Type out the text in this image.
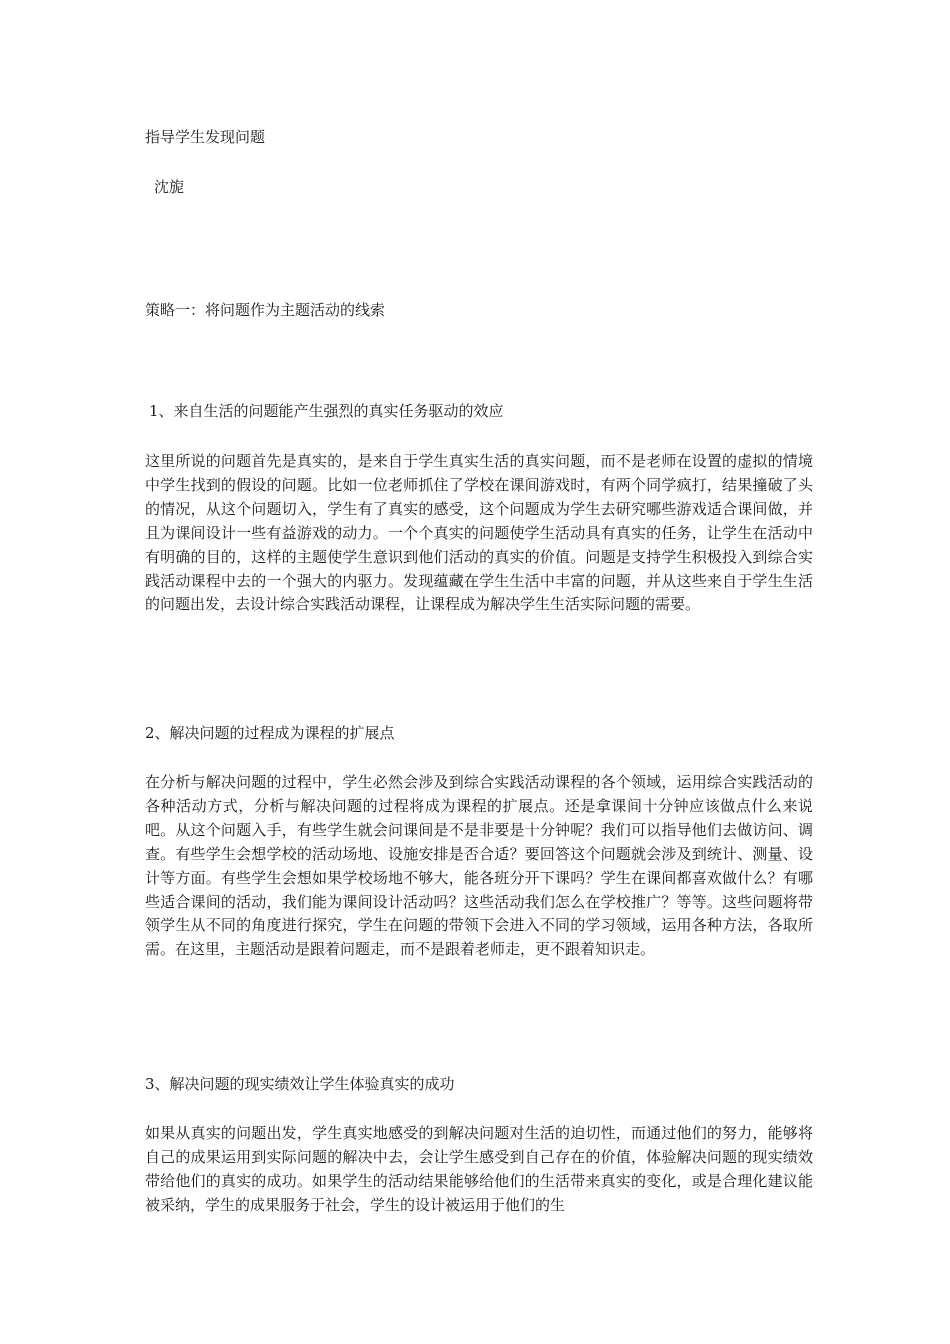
指导学生发现问题
沈旎
策略一：将问题作为主题活动的线索
1、来自生活的问题能产生强烈的真实任务驱动的效应

这里所说的问题首先是真实的，是来自于学生真实生活的真实问题，而不是老师在设置的虚拟的情境中学生找到的假设的问题。比如一位老师抓住了学校在课间游戏时，有两个同学疯打，结果撞破了头的情况，从这个问题切入，学生有了真实的感受，这个问题成为学生去研究哪些游戏适合课间做，并且为课间设计一些有益游戏的动力。一个个真实的问题使学生活动具有真实的任务，让学生在活动中有明确的目的，这样的主题使学生意识到他们活动的真实的价值。问题是支持学生积极投入到综合实践活动课程中去的一个强大的内驱力。发现蕴藏在学生生活中丰富的问题，并从这些来自于学生生活的问题出发，去设计综合实践活动课程，让课程成为解决学生生活实际问题的需要。

2、解决问题的过程成为课程的扩展点

在分析与解决问题的过程中，学生必然会涉及到综合实践活动课程的各个领域，运用综合实践活动的各种活动方式，分析与解决问题的过程将成为课程的扩展点。还是拿课间十分钟应该做点什么来说吧。从这个问题入手，有些学生就会问课间是不是非要是十分钟呢？我们可以指导他们去做访问、调查。有些学生会想学校的活动场地、设施安排是否合适？要回答这个问题就会涉及到统计、测量、设计等方面。有些学生会想如果学校场地不够大，能各班分开下课吗？学生在课间都喜欢做什么？有哪些适合课间的活动，我们能为课间设计活动吗？这些活动我们怎么在学校推广？等等。这些问题将带领学生从不同的角度进行探究，学生在问题的带领下会进入不同的学习领域，运用各种方法，各取所需。在这里，主题活动是跟着问题走，而不是跟着老师走，更不跟着知识走。

3、解决问题的现实绩效让学生体验真实的成功

如果从真实的问题出发，学生真实地感受的到解决问题对生活的迫切性，而通过他们的努力，能够将自己的成果运用到实际问题的解决中去，会让学生感受到自己存在的价值，体验解决问题的现实绩效带给他们的真实的成功。如果学生的活动结果能够给他们的生活带来真实的变化，或是合理化建议能被采纳，学生的成果服务于社会，学生的设计被运用于他们的生
